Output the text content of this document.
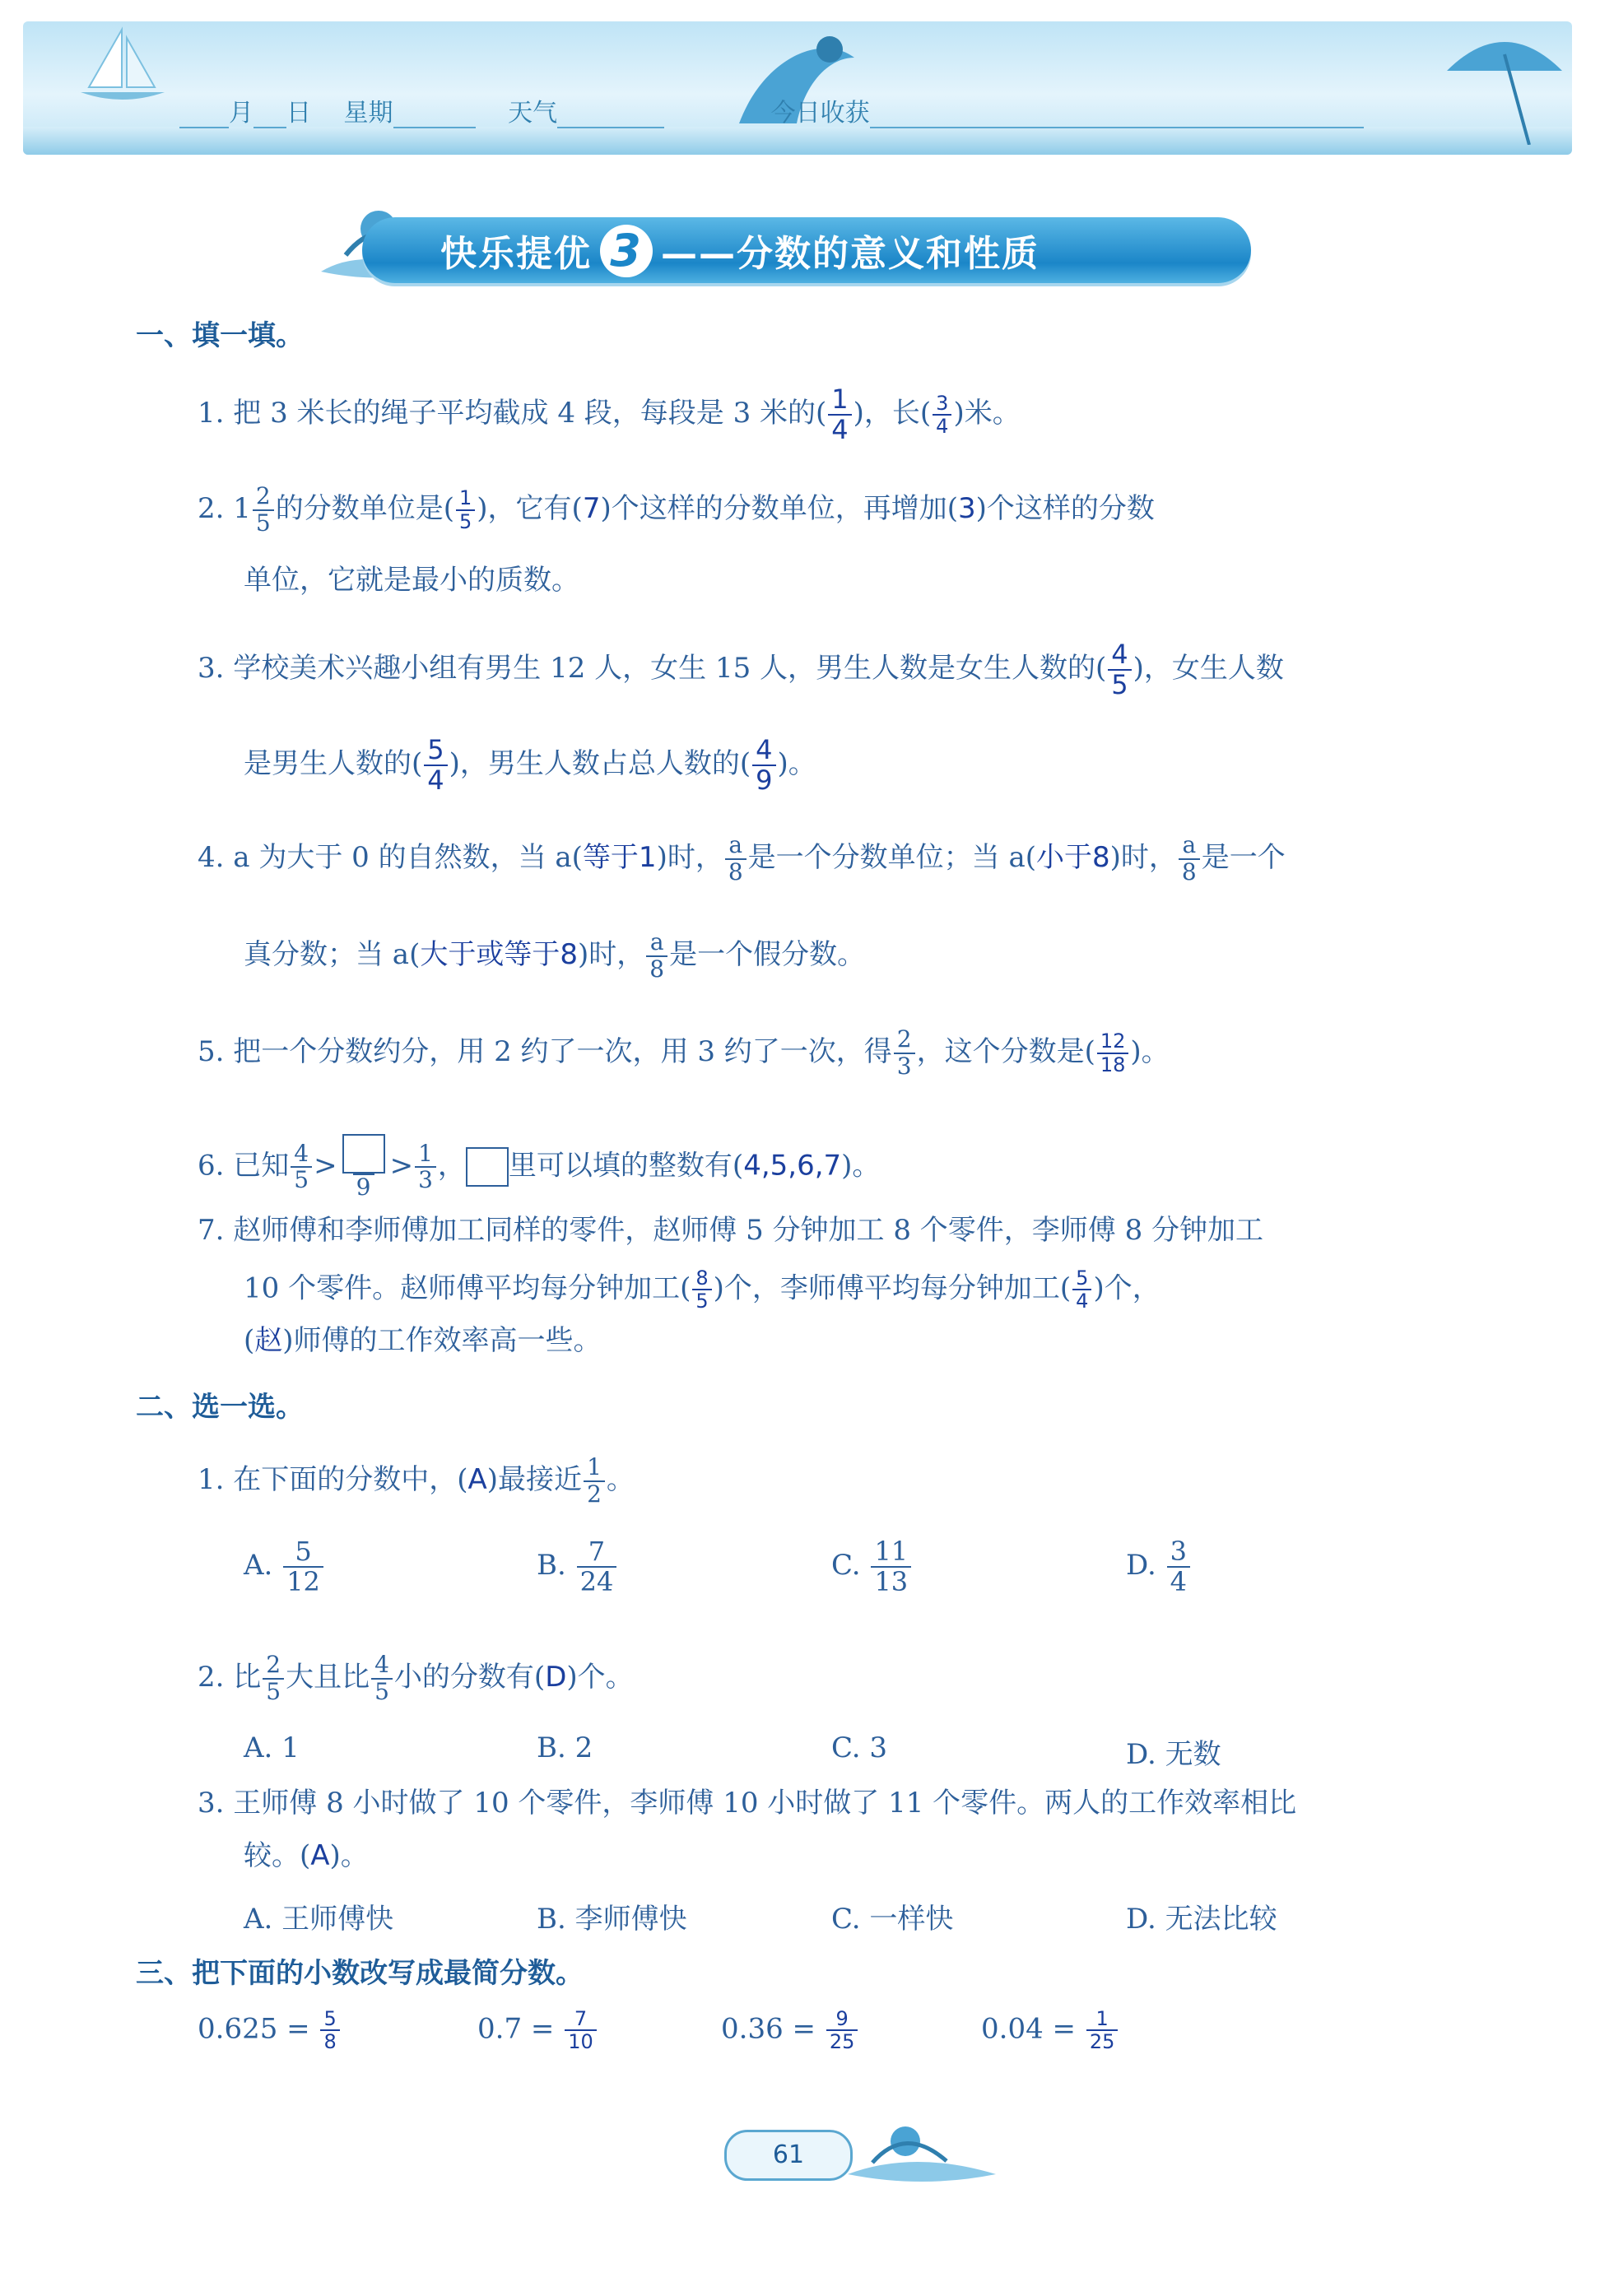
月 日 星期	天气	今日收获
快乐提优 3 ——分数的意义和性质
一、填一填。
1. 把 3 米长的绳子平均截成 4 段，每段是 3 米的( $\frac{1}{4}$ )，长( $\frac{3}{4}$ )米。
2. $1 \frac{2}{5}$ 的分数单位是( $\frac{1}{5}$ )，它有(7)个这样的分数单位，再增加(3)个这样的分数
单位，它就是最小的质数。
3. 学校美术兴趣小组有男生 12 人，女生 15 人，男生人数是女生人数的( $\frac{4}{5}$ )，女生人数
是男生人数的( $\frac{5}{4}$ )，男生人数占总人数的( $\frac{4}{9}$ )。
4. a 为大于 0 的自然数，当 a(等于1)时， $\frac{a}{8}$ 是一个分数单位；当 a(小于8)时， $\frac{a}{8}$ 是一个
真分数；当 a(大于或等于8)时， $\frac{a}{8}$ 是一个假分数。
5. 把一个分数约分，用 2 约了一次，用 3 约了一次，得 $\frac{2}{3}$ ，这个分数是( $\frac{12}{18}$ )。
6. 已知 $\frac{4}{5}$ >
9
> $\frac{1}{3}$ ， 里可以填的整数有(4,5,6,7)。
7. 赵师傅和李师傅加工同样的零件，赵师傅 5 分钟加工 8 个零件，李师傅 8 分钟加工
10 个零件。赵师傅平均每分钟加工( $\frac{8}{5}$ )个，李师傅平均每分钟加工( $\frac{5}{4}$ )个，
(赵)师傅的工作效率高一些。
二、选一选。
1. 在下面的分数中，(A)最接近 $\frac{1}{2}$ 。
A. $\frac{5}{12}$	B. $\frac{7}{24}$	C. $\frac{11}{13}$	D. $\frac{3}{4}$
2. 比 $\frac{2}{5}$ 大且比 $\frac{4}{5}$ 小的分数有(D)个。
A. 1	B. 2	C. 3	D. 无数
3. 王师傅 8 小时做了 10 个零件，李师傅 10 小时做了 11 个零件。两人的工作效率相比
较。(A)。
A. 王师傅快	B. 李师傅快	C. 一样快	D. 无法比较
三、把下面的小数改写成最简分数。
$0.625 = \frac{5}{8}$	$0.7 = \frac{7}{10}$	$0.36 = \frac{9}{25}$	$0.04 = \frac{1}{25}$
61
